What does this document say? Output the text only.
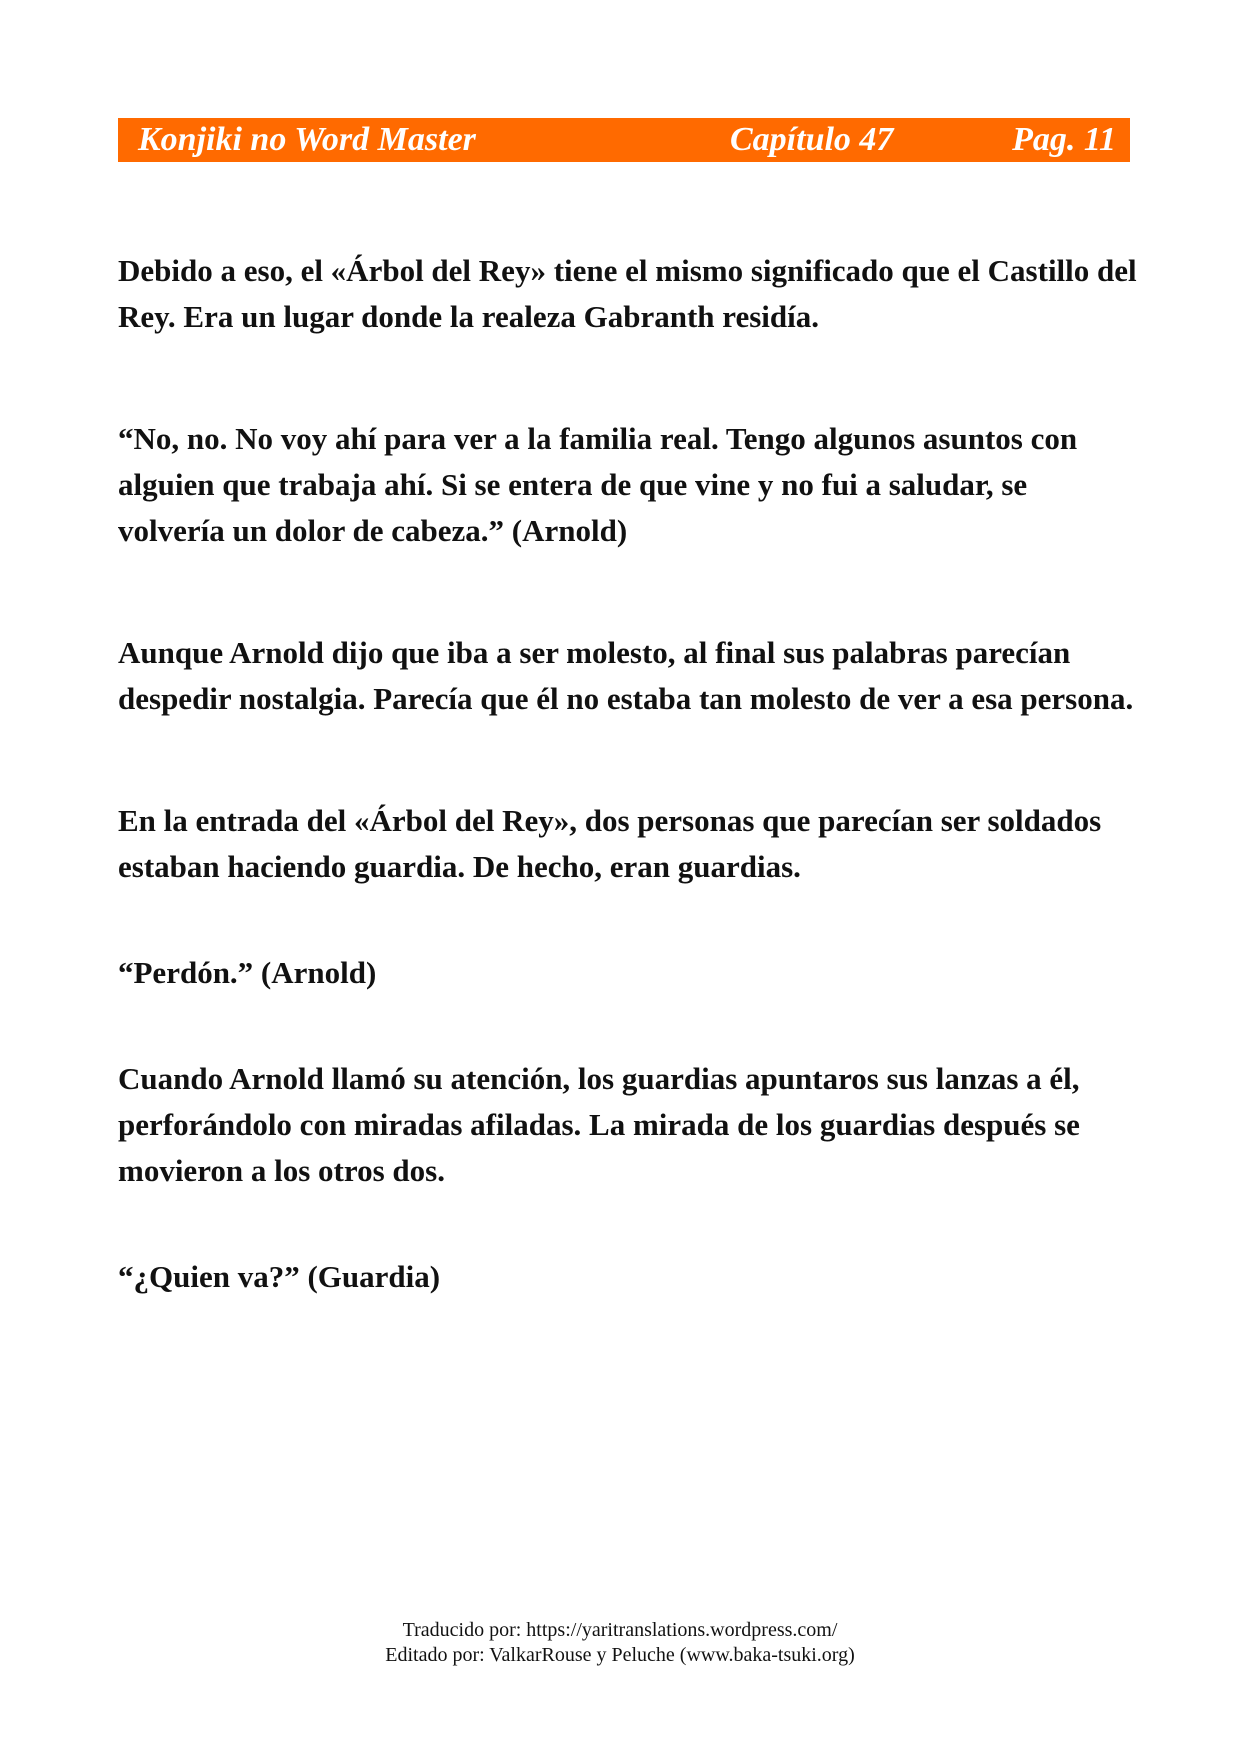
Konjiki no Word Master	Capítulo 47	Pag. 11

Debido a eso, el «Árbol del Rey» tiene el mismo significado que el Castillo del Rey. Era un lugar donde la realeza Gabranth residía.

“No, no. No voy ahí para ver a la familia real. Tengo algunos asuntos con alguien que trabaja ahí. Si se entera de que vine y no fui a saludar, se volvería un dolor de cabeza.” (Arnold)

Aunque Arnold dijo que iba a ser molesto, al final sus palabras parecían despedir nostalgia. Parecía que él no estaba tan molesto de ver a esa persona.

En la entrada del «Árbol del Rey», dos personas que parecían ser soldados estaban haciendo guardia. De hecho, eran guardias.

“Perdón.” (Arnold)

Cuando Arnold llamó su atención, los guardias apuntaros sus lanzas a él, perforándolo con miradas afiladas. La mirada de los guardias después se movieron a los otros dos.

“¿Quien va?” (Guardia)

Traducido por: https://yaritranslations.wordpress.com/
Editado por: ValkarRouse y Peluche (www.baka-tsuki.org)
